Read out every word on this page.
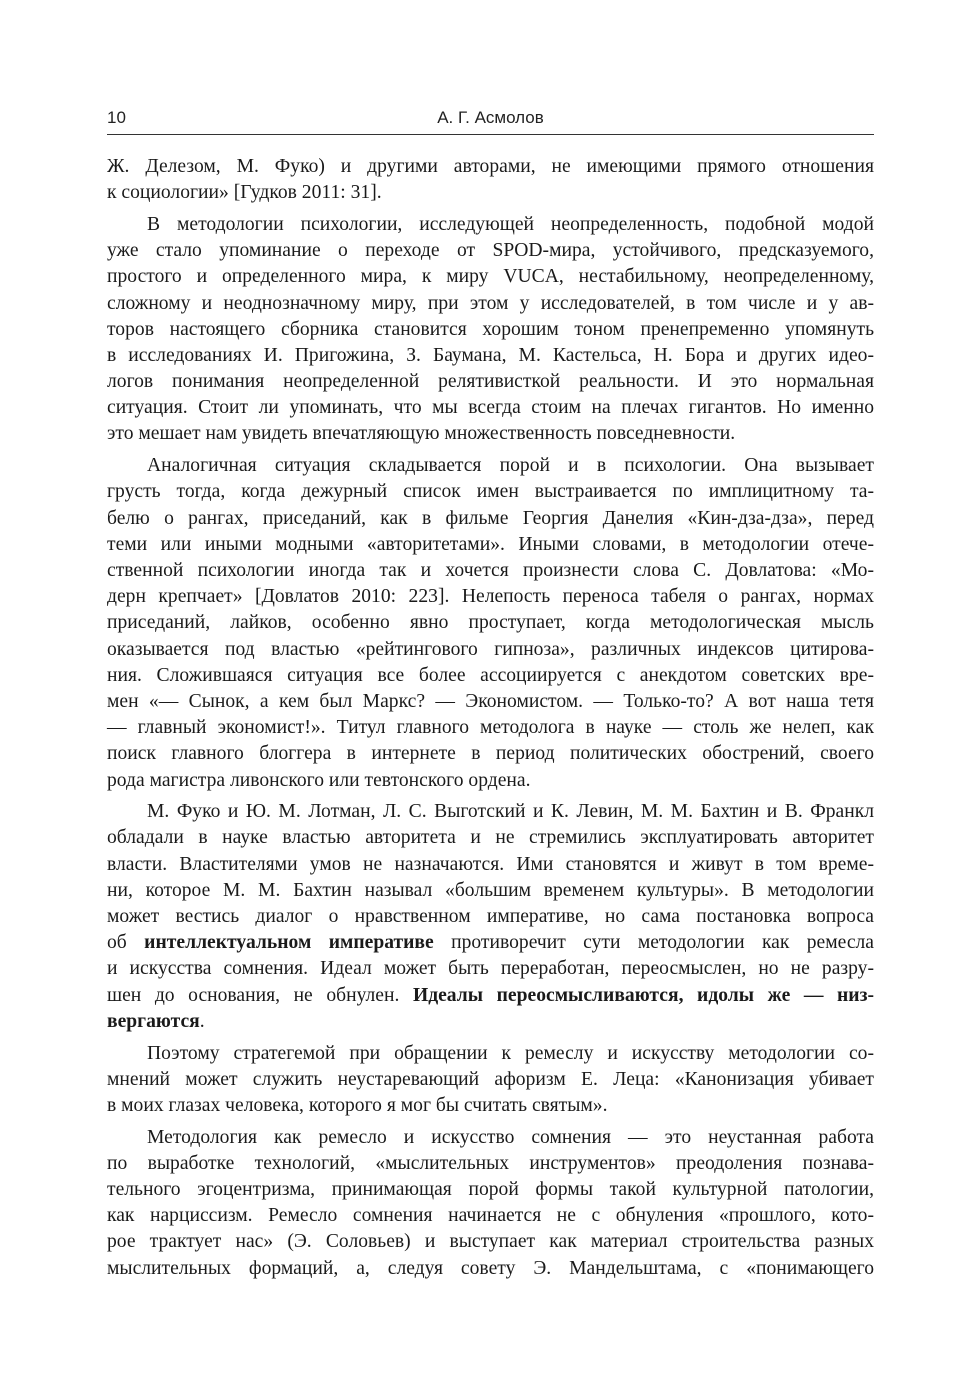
10	А. Г. Асмолов
Ж. Делезом, М. Фуко) и другими авторами, не имеющими прямого отношения
к социологии» [Гудков 2011: 31].
В методологии психологии, исследующей неопределенность, подобной модой
уже стало упоминание о переходе от SPOD-мира, устойчивого, предсказуемого,
простого и определенного мира, к миру VUCA, нестабильному, неопределенному,
сложному и неоднозначному миру, при этом у исследователей, в том числе и у ав-
торов настоящего сборника становится хорошим тоном пренепременно упомянуть
в исследованиях И. Пригожина, З. Баумана, М. Кастельса, Н. Бора и других идео-
логов понимания неопределенной релятивисткой реальности. И это нормальная
ситуация. Стоит ли упоминать, что мы всегда стоим на плечах гигантов. Но именно
это мешает нам увидеть впечатляющую множественность повседневности.
Аналогичная ситуация складывается порой и в психологии. Она вызывает
грусть тогда, когда дежурный список имен выстраивается по имплицитному та-
белю о рангах, приседаний, как в фильме Георгия Данелия «Кин-дза-дза», перед
теми или иными модными «авторитетами». Иными словами, в методологии отече-
ственной психологии иногда так и хочется произнести слова С. Довлатова: «Мо-
дерн крепчает» [Довлатов 2010: 223]. Нелепость переноса табеля о рангах, нормах
приседаний, лайков, особенно явно проступает, когда методологическая мысль
оказывается под властью «рейтингового гипноза», различных индексов цитирова-
ния. Сложившаяся ситуация все более ассоциируется с анекдотом советских вре-
мен «— Сынок, а кем был Маркс? — Экономистом. — Только-то? А вот наша тетя
— главный экономист!». Титул главного методолога в науке — столь же нелеп, как
поиск главного блоггера в интернете в период политических обострений, своего
рода магистра ливонского или тевтонского ордена.
М. Фуко и Ю. М. Лотман, Л. С. Выготский и К. Левин, М. М. Бахтин и В. Франкл
обладали в науке властью авторитета и не стремились эксплуатировать авторитет
власти. Властителями умов не назначаются. Ими становятся и живут в том време-
ни, которое М. М. Бахтин называл «большим временем культуры». В методологии
может вестись диалог о нравственном императиве, но сама постановка вопроса
об интеллектуальном императиве противоречит сути методологии как ремесла
и искусства сомнения. Идеал может быть переработан, переосмыслен, но не разру-
шен до основания, не обнулен. Идеалы переосмысливаются, идолы же — низ-
вергаются.
Поэтому стратегемой при обращении к ремеслу и искусству методологии со-
мнений может служить неустаревающий афоризм Е. Леца: «Канонизация убивает
в моих глазах человека, которого я мог бы считать святым».
Методология как ремесло и искусство сомнения — это неустанная работа
по выработке технологий, «мыслительных инструментов» преодоления познава-
тельного эгоцентризма, принимающая порой формы такой культурной патологии,
как нарциссизм. Ремесло сомнения начинается не с обнуления «прошлого, кото-
рое трактует нас» (Э. Соловьев) и выступает как материал строительства разных
мыслительных формаций, а, следуя совету Э. Мандельштама, с «понимающего
